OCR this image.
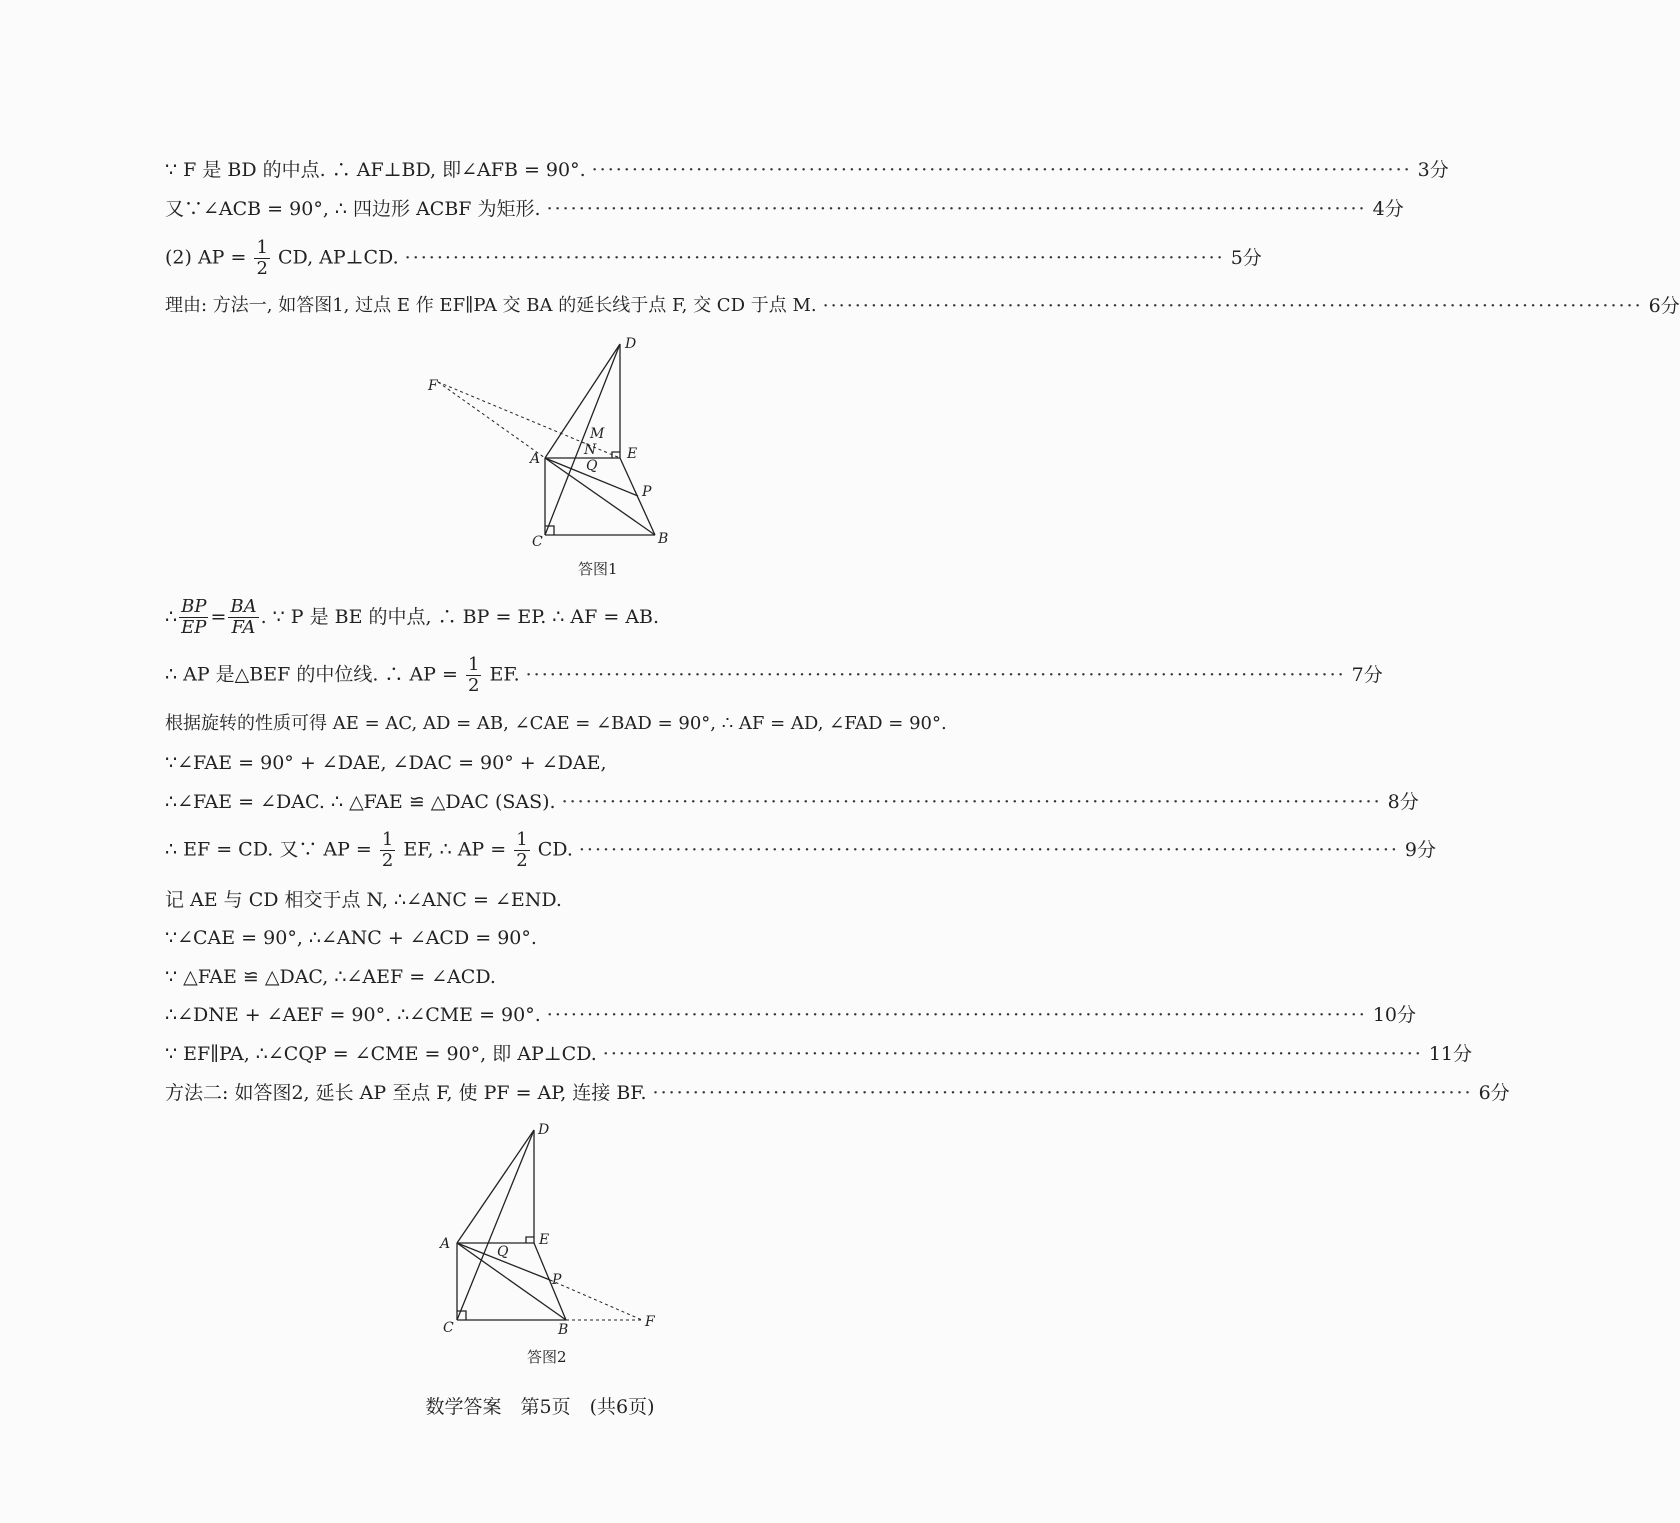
∵ F 是 BD 的中点. ∴ AF⊥BD, 即∠AFB = 90°. ······································································································ 3分
又∵∠ACB = 90°, ∴ 四边形 ACBF 为矩形. ······································································································ 4分
(2) AP = $\frac{1}{2}$ CD, AP⊥CD. ······································································································ 5分
理由: 方法一, 如答图1, 过点 E 作 EF∥PA 交 BA 的延长线于点 F, 交 CD 于点 M. ······································································································ 6分
D
F
M
N
A	E
Q
P
C	B
答图1
∴ $\frac{BP}{EP} = \frac{BA}{FA}$ . ∵ P 是 BE 的中点, ∴ BP = EP. ∴ AF = AB.
∴ AP 是△BEF 的中位线. ∴ AP = $\frac{1}{2}$ EF. ······································································································ 7分
根据旋转的性质可得 AE = AC, AD = AB, ∠CAE = ∠BAD = 90°, ∴ AF = AD, ∠FAD = 90°.
∵∠FAE = 90° + ∠DAE, ∠DAC = 90° + ∠DAE,
∴∠FAE = ∠DAC. ∴ △FAE ≌ △DAC (SAS). ······································································································ 8分
∴ EF = CD. 又∵ AP = $\frac{1}{2}$ EF, ∴ AP = $\frac{1}{2}$ CD. ······································································································ 9分
记 AE 与 CD 相交于点 N, ∴∠ANC = ∠END.
∵∠CAE = 90°, ∴∠ANC + ∠ACD = 90°.
∵ △FAE ≌ △DAC, ∴∠AEF = ∠ACD.
∴∠DNE + ∠AEF = 90°. ∴∠CME = 90°. ······································································································ 10分
∵ EF∥PA, ∴∠CQP = ∠CME = 90°, 即 AP⊥CD. ······································································································ 11分
方法二: 如答图2, 延长 AP 至点 F, 使 PF = AP, 连接 BF. ······································································································ 6分
D
A	E
Q
P
C	B	F
答图2
数学答案　第5页　(共6页)
